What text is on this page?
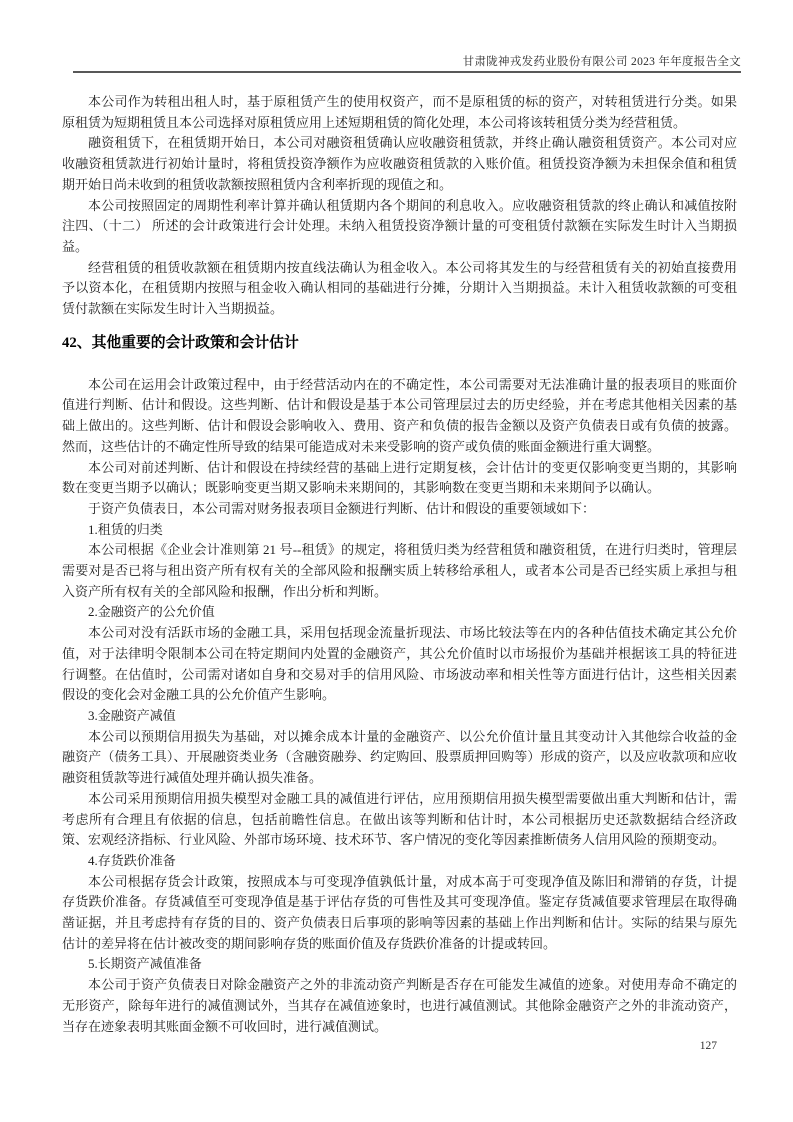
甘肃陇神戎发药业股份有限公司 2023 年年度报告全文

本公司作为转租出租人时，基于原租赁产生的使用权资产，而不是原租赁的标的资产，对转租赁进行分类。如果原租赁为短期租赁且本公司选择对原租赁应用上述短期租赁的简化处理，本公司将该转租赁分类为经营租赁。

融资租赁下，在租赁期开始日，本公司对融资租赁确认应收融资租赁款，并终止确认融资租赁资产。本公司对应收融资租赁款进行初始计量时，将租赁投资净额作为应收融资租赁款的入账价值。租赁投资净额为未担保余值和租赁期开始日尚未收到的租赁收款额按照租赁内含利率折现的现值之和。

本公司按照固定的周期性利率计算并确认租赁期内各个期间的利息收入。应收融资租赁款的终止确认和减值按附注四、（十二） 所述的会计政策进行会计处理。未纳入租赁投资净额计量的可变租赁付款额在实际发生时计入当期损益。

经营租赁的租赁收款额在租赁期内按直线法确认为租金收入。本公司将其发生的与经营租赁有关的初始直接费用予以资本化，在租赁期内按照与租金收入确认相同的基础进行分摊，分期计入当期损益。未计入租赁收款额的可变租赁付款额在实际发生时计入当期损益。

42、其他重要的会计政策和会计估计

本公司在运用会计政策过程中，由于经营活动内在的不确定性，本公司需要对无法准确计量的报表项目的账面价值进行判断、估计和假设。这些判断、估计和假设是基于本公司管理层过去的历史经验，并在考虑其他相关因素的基础上做出的。这些判断、估计和假设会影响收入、费用、资产和负债的报告金额以及资产负债表日或有负债的披露。然而，这些估计的不确定性所导致的结果可能造成对未来受影响的资产或负债的账面金额进行重大调整。

本公司对前述判断、估计和假设在持续经营的基础上进行定期复核，会计估计的变更仅影响变更当期的，其影响数在变更当期予以确认；既影响变更当期又影响未来期间的，其影响数在变更当期和未来期间予以确认。

于资产负债表日，本公司需对财务报表项目金额进行判断、估计和假设的重要领域如下：

1.租赁的归类

本公司根据《企业会计准则第 21 号--租赁》的规定，将租赁归类为经营租赁和融资租赁，在进行归类时，管理层需要对是否已将与租出资产所有权有关的全部风险和报酬实质上转移给承租人，或者本公司是否已经实质上承担与租入资产所有权有关的全部风险和报酬，作出分析和判断。

2.金融资产的公允价值

本公司对没有活跃市场的金融工具，采用包括现金流量折现法、市场比较法等在内的各种估值技术确定其公允价值，对于法律明令限制本公司在特定期间内处置的金融资产，其公允价值时以市场报价为基础并根据该工具的特征进行调整。在估值时，公司需对诸如自身和交易对手的信用风险、市场波动率和相关性等方面进行估计，这些相关因素假设的变化会对金融工具的公允价值产生影响。

3.金融资产减值

本公司以预期信用损失为基础，对以摊余成本计量的金融资产、以公允价值计量且其变动计入其他综合收益的金融资产（债务工具）、开展融资类业务（含融资融券、约定购回、股票质押回购等）形成的资产，以及应收款项和应收融资租赁款等进行减值处理并确认损失准备。

本公司采用预期信用损失模型对金融工具的减值进行评估，应用预期信用损失模型需要做出重大判断和估计，需考虑所有合理且有依据的信息，包括前瞻性信息。在做出该等判断和估计时，本公司根据历史还款数据结合经济政策、宏观经济指标、行业风险、外部市场环境、技术环节、客户情况的变化等因素推断债务人信用风险的预期变动。

4.存货跌价准备

本公司根据存货会计政策，按照成本与可变现净值孰低计量，对成本高于可变现净值及陈旧和滞销的存货，计提存货跌价准备。存货减值至可变现净值是基于评估存货的可售性及其可变现净值。鉴定存货减值要求管理层在取得确凿证据，并且考虑持有存货的目的、资产负债表日后事项的影响等因素的基础上作出判断和估计。实际的结果与原先估计的差异将在估计被改变的期间影响存货的账面价值及存货跌价准备的计提或转回。

5.长期资产减值准备

本公司于资产负债表日对除金融资产之外的非流动资产判断是否存在可能发生减值的迹象。对使用寿命不确定的无形资产，除每年进行的减值测试外，当其存在减值迹象时，也进行减值测试。其他除金融资产之外的非流动资产，当存在迹象表明其账面金额不可收回时，进行减值测试。

127
